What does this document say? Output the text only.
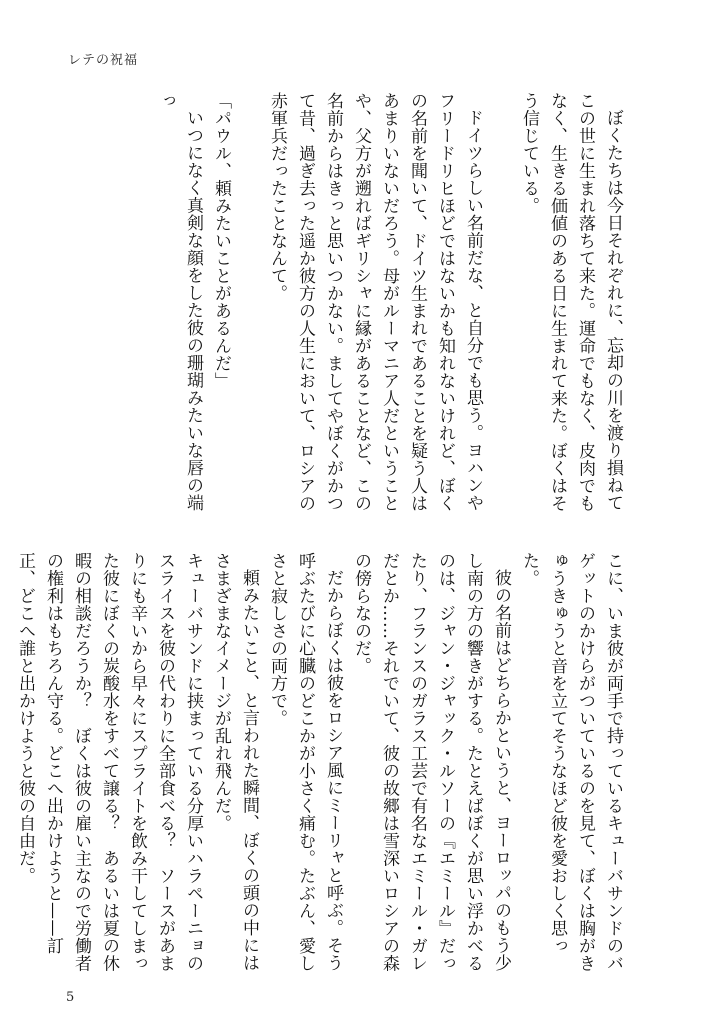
レテの祝福

ぼくたちは今日それぞれに、忘却の川を渡り損ねてこの世に生まれ落ちて来た。運命でもなく、皮肉でもなく、生きる価値のある日に生まれて来た。ぼくはそう信じている。

ドイツらしい名前だな、と自分でも思う。ヨハンやフリードリヒほどではないかも知れないけれど、ぼくの名前を聞いて、ドイツ生まれであることを疑う人はあまりいないだろう。母がルーマニア人だということや、父方が遡ればギリシャに縁があることなど、この名前からはきっと思いつかない。ましてやぼくがかつて昔、過ぎ去った遥か彼方の人生において、ロシアの赤軍兵だったことなんて。

「パウル、頼みたいことがあるんだ」

いつになく真剣な顔をした彼の珊瑚みたいな唇の端っ

こに、いま彼が両手で持っているキューバサンドのバゲットのかけらがついているのを見て、ぼくは胸がきゅうきゅうと音を立てそうなほど彼を愛おしく思った。

彼の名前はどちらかというと、ヨーロッパのもう少し南の方の響きがする。たとえばぼくが思い浮かべるのは、ジャン・ジャック・ルソーの『エミール』だったり、フランスのガラス工芸で有名なエミール・ガレだとか……それでいて、彼の故郷は雪深いロシアの森の傍らなのだ。

だからぼくは彼をロシア風にミーリャと呼ぶ。そう呼ぶたびに心臓のどこかが小さく痛む。たぶん、愛しさと寂しさの両方で。

頼みたいこと、と言われた瞬間、ぼくの頭の中にはさまざまなイメージが乱れ飛んだ。

キューバサンドに挟まっている分厚いハラペーニョのスライスを彼の代わりに全部食べる？　ソースがあまりにも辛いから早々にスプライトを飲み干してしまった彼にぼくの炭酸水をすべて譲る？　あるいは夏の休暇の相談だろうか？　ぼくは彼の雇い主なので労働者の権利はもちろん守る。どこへ出かけようと——訂正、どこへ誰と出かけようと彼の自由だ。

5
